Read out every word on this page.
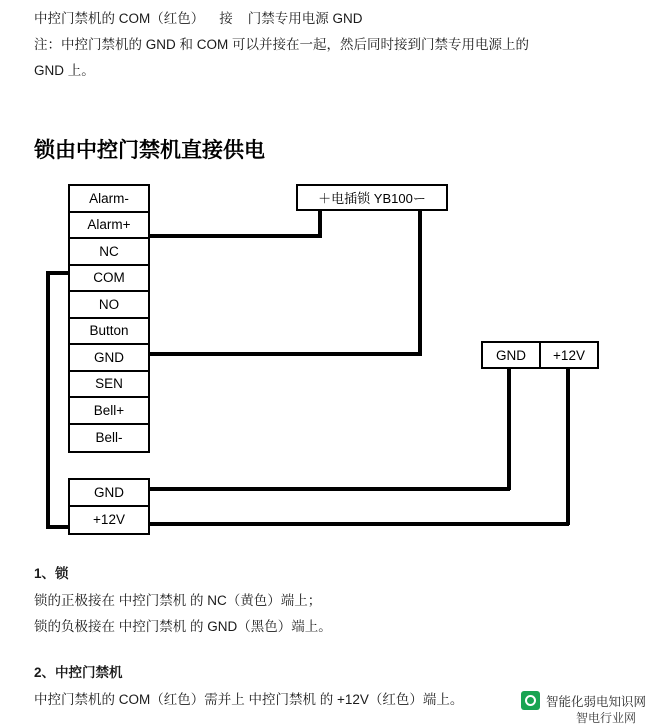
中控门禁机的 COM（红色）    接    门禁专用电源 GND
注：中控门禁机的 GND 和 COM 可以并接在一起，然后同时接到门禁专用电源上的
GND 上。
锁由中控门禁机直接供电
Alarm-
Alarm+
NC
COM
NO
Button
GND
SEN
Bell+
Bell-
GND
+12V
＋电插锁 YB100ー
GND	+12V
1、锁
锁的正极接在 中控门禁机 的 NC（黄色）端上；
锁的负极接在 中控门禁机 的 GND（黑色）端上。
2、中控门禁机
中控门禁机的 COM（红色）需并上 中控门禁机 的 +12V（红色）端上。	智能化弱电知识网
智电行业网
